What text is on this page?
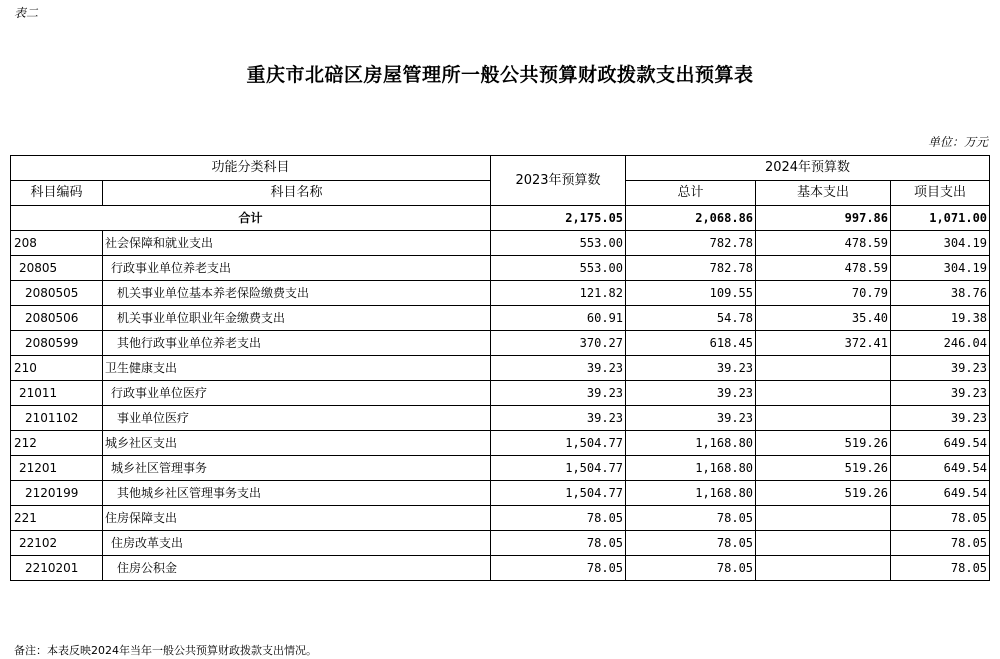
表二
重庆市北碚区房屋管理所一般公共预算财政拨款支出预算表
单位：万元
功能分类科目		2023年预算数	2024年预算数		
科目编码	科目名称		总计	基本支出	项目支出
合计		2,175.05	2,068.86	997.86	1,071.00
208	社会保障和就业支出	553.00	782.78	478.59	304.19
20805	行政事业单位养老支出	553.00	782.78	478.59	304.19
2080505	机关事业单位基本养老保险缴费支出	121.82	109.55	70.79	38.76
2080506	机关事业单位职业年金缴费支出	60.91	54.78	35.40	19.38
2080599	其他行政事业单位养老支出	370.27	618.45	372.41	246.04
210	卫生健康支出	39.23	39.23		39.23
21011	行政事业单位医疗	39.23	39.23		39.23
2101102	事业单位医疗	39.23	39.23		39.23
212	城乡社区支出	1,504.77	1,168.80	519.26	649.54
21201	城乡社区管理事务	1,504.77	1,168.80	519.26	649.54
2120199	其他城乡社区管理事务支出	1,504.77	1,168.80	519.26	649.54
221	住房保障支出	78.05	78.05		78.05
22102	住房改革支出	78.05	78.05		78.05
2210201	住房公积金	78.05	78.05		78.05
备注：本表反映2024年当年一般公共预算财政拨款支出情况。
